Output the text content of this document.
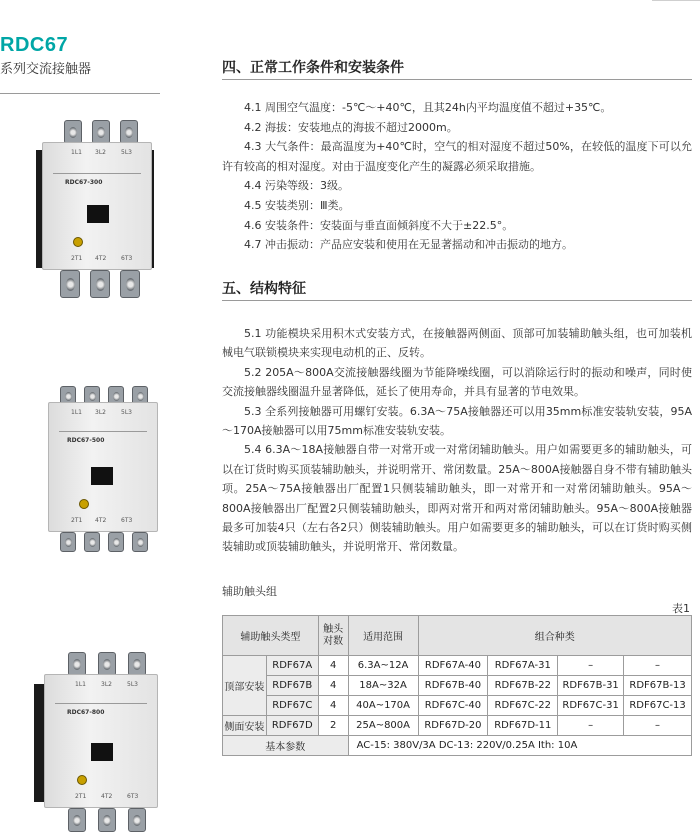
RDC67
系列交流接触器
1L1 3L2	5L3
RDC67-300
2T1 4T2 6T3
1L1 3L2	5L3
RDC67-500
2T1 4T2 6T3
1L1	3L2	5L3
RDC67-800
2T1 4T2 6T3
四、正常工作条件和安装条件

4.1 周围空气温度：-5℃～+40℃，且其24h内平均温度值不超过+35℃。

4.2 海拔：安装地点的海拔不超过2000m。

4.3 大气条件：最高温度为+40℃时，空气的相对湿度不超过50%，在较低的温度下可以允许有较高的相对湿度。对由于温度变化产生的凝露必须采取措施。

4.4 污染等级：3级。

4.5 安装类别：Ⅲ类。

4.6 安装条件：安装面与垂直面倾斜度不大于±22.5°。

4.7 冲击振动：产品应安装和使用在无显著摇动和冲击振动的地方。

五、结构特征

5.1 功能模块采用积木式安装方式，在接触器两侧面、顶部可加装辅助触头组，也可加装机械电气联锁模块来实现电动机的正、反转。

5.2 205A～800A交流接触器线圈为节能降噪线圈，可以消除运行时的振动和噪声，同时使交流接触器线圈温升显著降低，延长了使用寿命，并具有显著的节电效果。

5.3 全系列接触器可用螺钉安装。6.3A～75A接触器还可以用35mm标准安装轨安装，95A～170A接触器可以用75mm标准安装轨安装。

5.4 6.3A～18A接触器自带一对常开或一对常闭辅助触头。用户如需要更多的辅助触头，可以在订货时购买顶装辅助触头，并说明常开、常闭数量。25A～800A接触器自身不带有辅助触头项。25A～75A接触器出厂配置1只侧装辅助触头，即一对常开和一对常闭辅助触头。95A～800A接触器出厂配置2只侧装辅助触头，即两对常开和两对常闭辅助触头。95A～800A接触器最多可加装4只（左右各2只）侧装辅助触头。用户如需要更多的辅助触头，可以在订货时购买侧装辅助或顶装辅助触头，并说明常开、常闭数量。

辅助触头组
表1
辅助触头类型		触头
对数	适用范围	组合种类			
顶部安装	RDF67A	4	6.3A~12A	RDF67A-40	RDF67A-31	–	–
	RDF67B	4	18A~32A	RDF67B-40	RDF67B-22	RDF67B-31	RDF67B-13
	RDF67C	4	40A~170A	RDF67C-40	RDF67C-22	RDF67C-31	RDF67C-13
侧面安装	RDF67D	2	25A~800A	RDF67D-20	RDF67D-11	–	–
基本参数			AC-15: 380V/3A DC-13: 220V/0.25A Ith: 10A				
